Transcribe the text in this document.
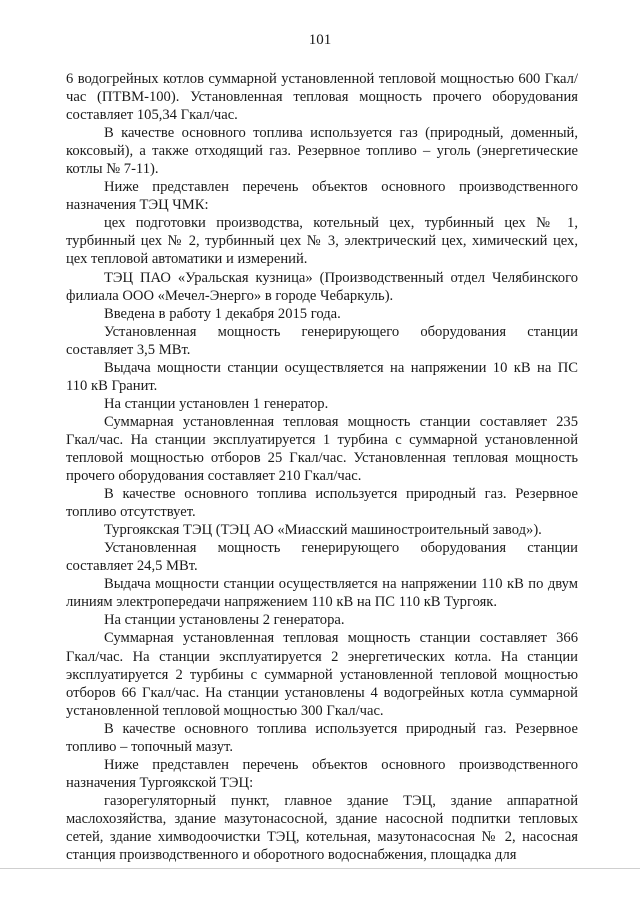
101

6 водогрейных котлов суммарной установленной тепловой мощностью 600 Гкал/час (ПТВМ-100). Установленная тепловая мощность прочего оборудования составляет 105,34 Гкал/час.

В качестве основного топлива используется газ (природный, доменный, коксовый), а также отходящий газ. Резервное топливо – уголь (энергетические котлы № 7-11).

Ниже представлен перечень объектов основного производственного назначения ТЭЦ ЧМК:

цех подготовки производства, котельный цех, турбинный цех № 1, турбинный цех № 2, турбинный цех № 3, электрический цех, химический цех, цех тепловой автоматики и измерений.

ТЭЦ ПАО «Уральская кузница» (Производственный отдел Челябинского филиала ООО «Мечел-Энерго» в городе Чебаркуль).

Введена в работу 1 декабря 2015 года.

Установленная мощность генерирующего оборудования станции составляет 3,5 МВт.

Выдача мощности станции осуществляется на напряжении 10 кВ на ПС 110 кВ Гранит.

На станции установлен 1 генератор.

Суммарная установленная тепловая мощность станции составляет 235 Гкал/час. На станции эксплуатируется 1 турбина с суммарной установленной тепловой мощностью отборов 25 Гкал/час. Установленная тепловая мощность прочего оборудования составляет 210 Гкал/час.

В качестве основного топлива используется природный газ. Резервное топливо отсутствует.

Тургоякская ТЭЦ (ТЭЦ АО «Миасский машиностроительный завод»).

Установленная мощность генерирующего оборудования станции составляет 24,5 МВт.

Выдача мощности станции осуществляется на напряжении 110 кВ по двум линиям электропередачи напряжением 110 кВ на ПС 110 кВ Тургояк.

На станции установлены 2 генератора.

Суммарная установленная тепловая мощность станции составляет 366 Гкал/час. На станции эксплуатируется 2 энергетических котла. На станции эксплуатируется 2 турбины с суммарной установленной тепловой мощностью отборов 66 Гкал/час. На станции установлены 4 водогрейных котла суммарной установленной тепловой мощностью 300 Гкал/час.

В качестве основного топлива используется природный газ. Резервное топливо – топочный мазут.

Ниже представлен перечень объектов основного производственного назначения Тургоякской ТЭЦ:

газорегуляторный пункт, главное здание ТЭЦ, здание аппаратной маслохозяйства, здание мазутонасосной, здание насосной подпитки тепловых сетей, здание химводоочистки ТЭЦ, котельная, мазутонасосная № 2, насосная станция производственного и оборотного водоснабжения, площадка для
